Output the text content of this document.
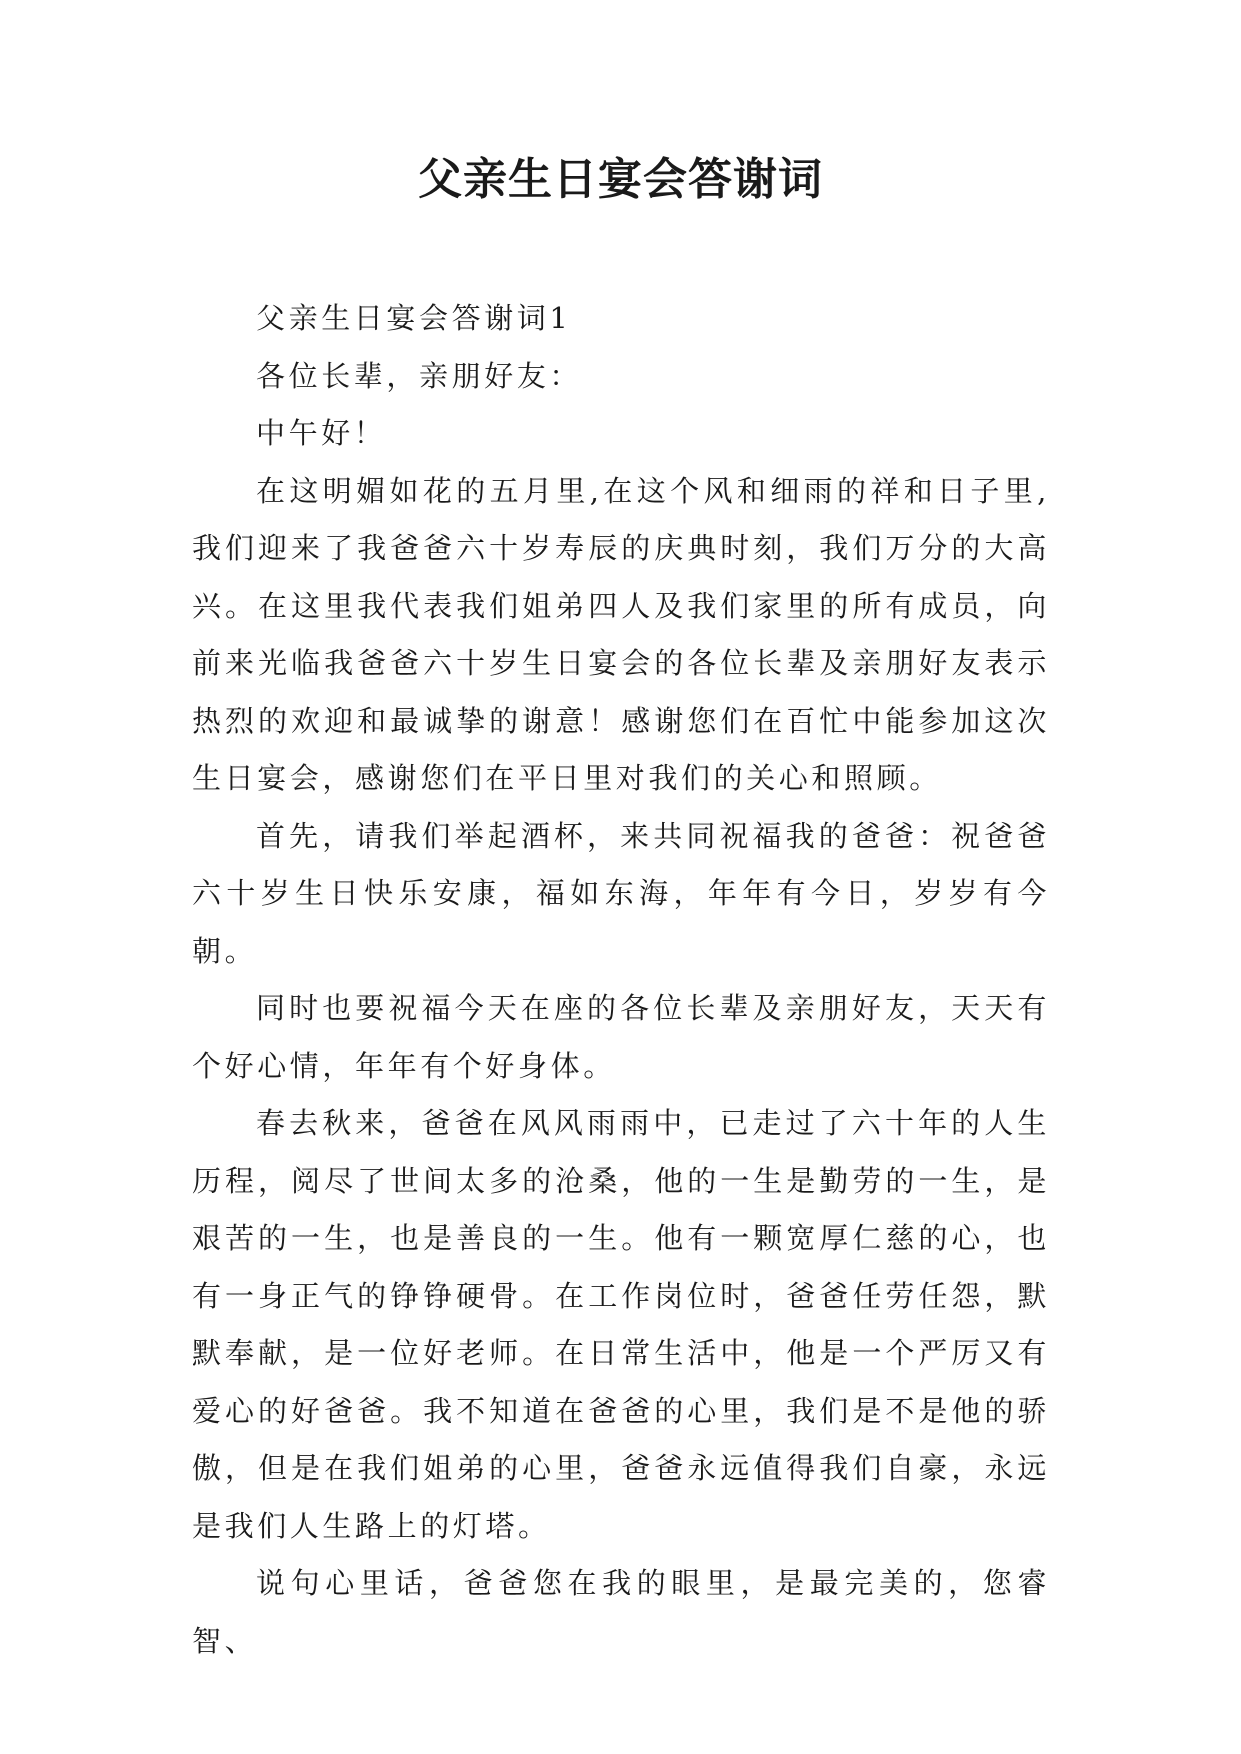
父亲生日宴会答谢词

父亲生日宴会答谢词1

各位长辈，亲朋好友：

中午好！

在这明媚如花的五月里,在这个风和细雨的祥和日子里,我们迎来了我爸爸六十岁寿辰的庆典时刻，我们万分的大高兴。在这里我代表我们姐弟四人及我们家里的所有成员，向前来光临我爸爸六十岁生日宴会的各位长辈及亲朋好友表示热烈的欢迎和最诚挚的谢意！感谢您们在百忙中能参加这次生日宴会，感谢您们在平日里对我们的关心和照顾。

首先，请我们举起酒杯，来共同祝福我的爸爸：祝爸爸六十岁生日快乐安康，福如东海，年年有今日，岁岁有今朝。

同时也要祝福今天在座的各位长辈及亲朋好友，天天有个好心情，年年有个好身体。

春去秋来，爸爸在风风雨雨中，已走过了六十年的人生历程，阅尽了世间太多的沧桑，他的一生是勤劳的一生，是艰苦的一生，也是善良的一生。他有一颗宽厚仁慈的心，也有一身正气的铮铮硬骨。在工作岗位时，爸爸任劳任怨，默默奉献，是一位好老师。在日常生活中，他是一个严厉又有爱心的好爸爸。我不知道在爸爸的心里，我们是不是他的骄傲，但是在我们姐弟的心里，爸爸永远值得我们自豪，永远是我们人生路上的灯塔。

说句心里话，爸爸您在我的眼里，是最完美的，您睿智、
